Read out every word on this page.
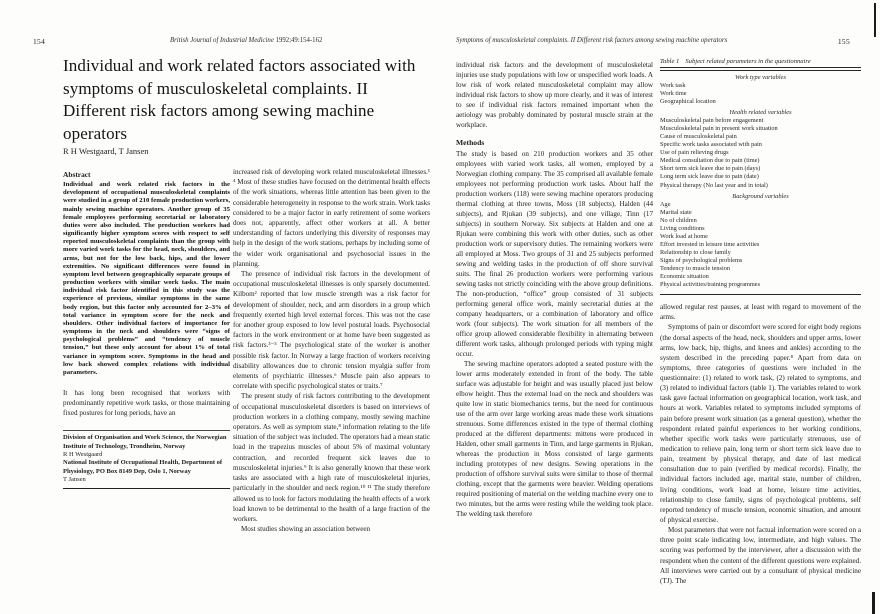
154	British Journal of Industrial Medicine 1992;49:154-162
Individual and work related factors associated with symptoms of musculoskeletal complaints. II Different risk factors among sewing machine operators
R H Westgaard, T Jansen
Abstract
Individual and work related risk factors in the development of occupational musculoskeletal complaints were studied in a group of 210 female production workers, mainly sewing machine operators. Another group of 35 female employees performing secretarial or laboratory duties were also included. The production workers had significantly higher symptom scores with respect to self reported musculoskeletal complaints than the group with more varied work tasks for the head, neck, shoulders, and arms, but not for the low back, hips, and the lower extremities. No significant differences were found in symptom level between geographically separate groups of production workers with similar work tasks. The main individual risk factor identified in this study was the experience of previous, similar symptoms in the same body region, but this factor only accounted for 2–3% of total variance in symptom score for the neck and shoulders. Other individual factors of importance for symptoms in the neck and shoulders were “signs of psychological problems” and “tendency of muscle tension,” but these only account for about 1% of total variance in symptom score. Symptoms in the head and low back showed complex relations with individual parameters.
It has long been recognised that workers with predominantly repetitive work tasks, or those maintaining fixed postures for long periods, have an
Division of Organisation and Work Science, the Norwegian Institute of Technology, Trondheim, Norway
R H Westgaard
National Institute of Occupational Health, Department of Physiology, PO Box 8149 Dep, Oslo 1, Norway
T Jansen
increased risk of developing work related musculoskeletal illnesses.¹ ⁴ Most of these studies have focused on the detrimental health effects of the work situations, whereas little attention has been given to the considerable heterogeneity in response to the work strain. Work tasks considered to be a major factor in early retirement of some workers does not, apparently, affect other workers at all. A better understanding of factors underlying this diversity of responses may help in the design of the work stations, perhaps by including some of the wider work organisational and psychosocial issues in the planning.
The presence of individual risk factors in the development of occupational musculoskeletal illnesses is only sparsely documented. Kilbom² reported that low muscle strength was a risk factor for development of shoulder, neck, and arm disorders in a group which frequently exerted high level external forces. This was not the case for another group exposed to low level postural loads. Psychosocial factors in the work environment or at home have been suggested as risk factors.³⁻⁵ The psychological state of the worker is another possible risk factor. In Norway a large fraction of workers receiving disability allowances due to chronic tension myalgia suffer from elements of psychiatric illnesses.⁶ Muscle pain also appears to correlate with specific psychological states or traits.⁷
The present study of risk factors contributing to the development of occupational musculoskeletal disorders is based on interviews of production workers in a clothing company, mostly sewing machine operators. As well as symptom state,⁸ information relating to the life situation of the subject was included. The operators had a mean static load in the trapezius muscles of about 5% of maximal voluntary contraction, and recorded frequent sick leaves due to musculoskeletal injuries.⁹ It is also generally known that these work tasks are associated with a high rate of musculoskeletal injuries, particularly in the shoulder and neck region.¹⁰ ¹¹ The study therefore allowed us to look for factors modulating the health effects of a work load known to be detrimental to the health of a large fraction of the workers.
Most studies showing an association between
Symptoms of musculoskeletal complaints. II Different risk factors among sewing machine operators	155
individual risk factors and the development of musculoskeletal injuries use study populations with low or unspecified work loads. A low risk of work related musculoskeletal complaint may allow individual risk factors to show up more clearly, and it was of interest to see if individual risk factors remained important when the aetiology was probably dominated by postural muscle strain at the workplace.
Methods
The study is based on 210 production workers and 35 other employees with varied work tasks, all women, employed by a Norwegian clothing company. The 35 comprised all available female employees not performing production work tasks. About half the production workers (118) were sewing machine operators producing thermal clothing at three towns, Moss (18 subjects), Halden (44 subjects), and Rjukan (39 subjects), and one village, Tinn (17 subjects) in southern Norway. Six subjects at Halden and one at Rjukan were combining this work with other duties, such as other production work or supervisory duties. The remaining workers were all employed at Moss. Two groups of 31 and 25 subjects performed sewing and welding tasks in the production of off shore survival suits. The final 26 production workers were performing various sewing tasks not strictly coinciding with the above group definitions. The non-production, “office” group consisted of 31 subjects performing general office work, mainly secretarial duties at the company headquarters, or a combination of laboratory and office work (four subjects). The work situation for all members of the office group allowed considerable flexibility in alternating between different work tasks, although prolonged periods with typing might occur.
The sewing machine operators adopted a seated posture with the lower arms moderately extended in front of the body. The table surface was adjustable for height and was usually placed just below elbow height. Thus the external load on the neck and shoulders was quite low in static biomechanics terms, but the need for continuous use of the arm over large working areas made these work situations strenuous. Some differences existed in the type of thermal clothing produced at the different departments: mittens were produced in Halden, other small garments in Tinn, and large garments in Rjukan, whereas the production in Moss consisted of large garments including prototypes of new designs. Sewing operations in the production of offshore survival suits were similar to those of thermal clothing, except that the garments were heavier. Welding operations required positioning of material on the welding machine every one to two minutes, but the arms were resting while the welding took place. The welding task therefore
Table 1 Subject related parameters in the questionnaire
Work type variables
Work task
Work time
Geographical location
Health related variables
Musculoskeletal pain before engagement
Musculoskeletal pain in present work situation
Cause of musculoskeletal pain
Specific work tasks associated with pain
Use of pain relieving drugs
Medical consultation due to pain (time)
Short term sick leave due to pain (days)
Long term sick leave due to pain (date)
Physical therapy (No last year and in total)
Background variables
Age
Marital state
No of children
Living conditions
Work load at home
Effort invested in leisure time activities
Relationship to close family
Signs of psychological problems
Tendency to muscle tension
Economic situation
Physical activities/training programmes
allowed regular rest pauses, at least with regard to movement of the arms.
Symptoms of pain or discomfort were scored for eight body regions (the dorsal aspects of the head, neck, shoulders and upper arms, lower arms, low back, hip, thighs, and knees and ankles) according to the system described in the preceding paper.⁸ Apart from data on symptoms, three categories of questions were included in the questionnaire: (1) related to work task, (2) related to symptoms, and (3) related to individual factors (table 1). The variables related to work task gave factual information on geographical location, work task, and hours at work. Variables related to symptoms included symptoms of pain before present work situation (as a general question), whether the respondent related painful experiences to her working conditions, whether specific work tasks were particularly strenuous, use of medication to relieve pain, long term or short term sick leave due to pain, treatment by physical therapy, and date of last medical consultation due to pain (verified by medical records). Finally, the individual factors included age, marital state, number of children, living conditions, work load at home, leisure time activities, relationship to close family, signs of psychological problems, self reported tendency of muscle tension, economic situation, and amount of physical exercise.
Most parameters that were not factual information were scored on a three point scale indicating low, intermediate, and high values. The scoring was performed by the interviewer, after a discussion with the respondent when the content of the different questions were explained. All interviews were carried out by a consultant of physical medicine (TJ). The
